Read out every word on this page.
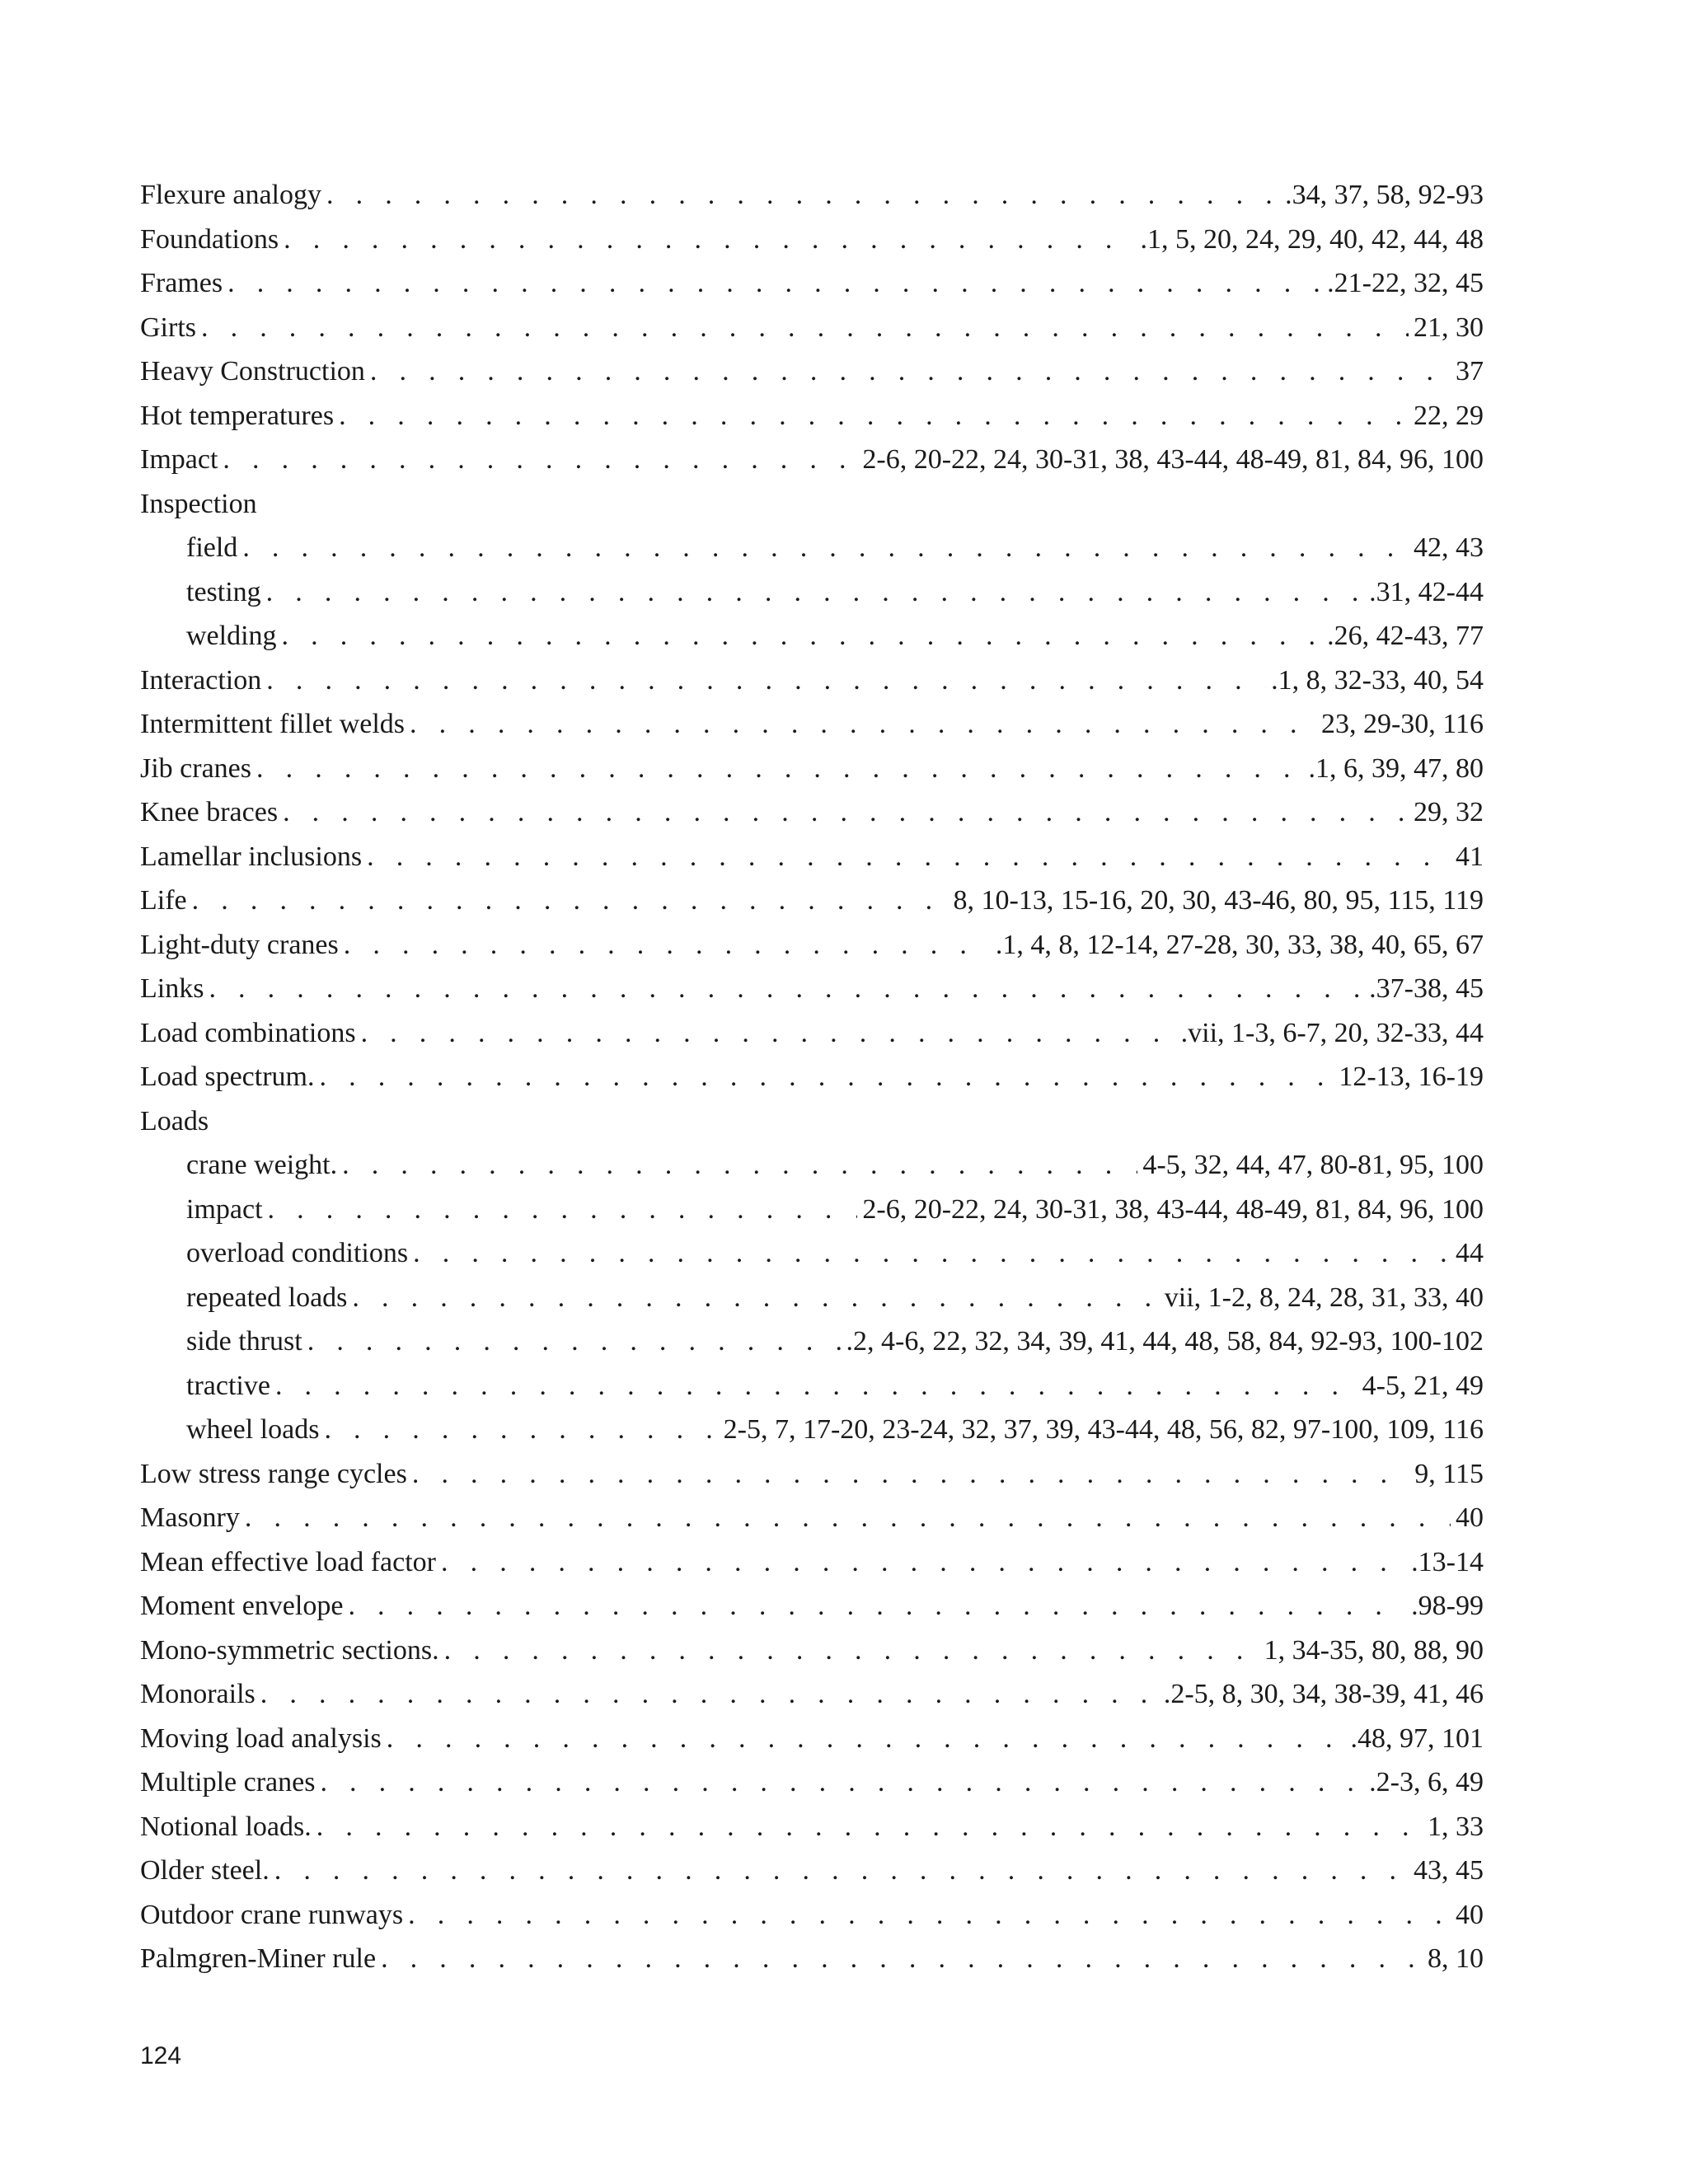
Flexure analogy . . .	.34, 37, 58, 92-93
Foundations . . .	.1, 5, 20, 24, 29, 40, 42, 44, 48
Frames . . .	.21-22, 32, 45
Girts . . .	21, 30
Heavy Construction . . .	37
Hot temperatures . . .	22, 29
Impact . . .	2-6, 20-22, 24, 30-31, 38, 43-44, 48-49, 81, 84, 96, 100
Inspection
field . . .	42, 43
testing . . .	.31, 42-44
welding . . .	.26, 42-43, 77
Interaction . . .	.1, 8, 32-33, 40, 54
Intermittent fillet welds . . .	23, 29-30, 116
Jib cranes . . .	.1, 6, 39, 47, 80
Knee braces . . .	29, 32
Lamellar inclusions . . .	41
Life . . .	8, 10-13, 15-16, 20, 30, 43-46, 80, 95, 115, 119
Light-duty cranes . . .	.1, 4, 8, 12-14, 27-28, 30, 33, 38, 40, 65, 67
Links . . .	.37-38, 45
Load combinations . . .	.vii, 1-3, 6-7, 20, 32-33, 44
Load spectrum. . . .	12-13, 16-19
Loads
crane weight. . . .	4-5, 32, 44, 47, 80-81, 95, 100
impact . . .	2-6, 20-22, 24, 30-31, 38, 43-44, 48-49, 81, 84, 96, 100
overload conditions . . .	44
repeated loads . . .	vii, 1-2, 8, 24, 28, 31, 33, 40
side thrust . . .	.2, 4-6, 22, 32, 34, 39, 41, 44, 48, 58, 84, 92-93, 100-102
tractive . . .	4-5, 21, 49
wheel loads . . .	2-5, 7, 17-20, 23-24, 32, 37, 39, 43-44, 48, 56, 82, 97-100, 109, 116
Low stress range cycles . . .	9, 115
Masonry . . .	40
Mean effective load factor . . .	.13-14
Moment envelope . . .	.98-99
Mono-symmetric sections. . . .	1, 34-35, 80, 88, 90
Monorails . . .	.2-5, 8, 30, 34, 38-39, 41, 46
Moving load analysis . . .	.48, 97, 101
Multiple cranes . . .	.2-3, 6, 49
Notional loads. . . .	1, 33
Older steel. . . .	43, 45
Outdoor crane runways . . .	40
Palmgren-Miner rule . . .	8, 10
124
